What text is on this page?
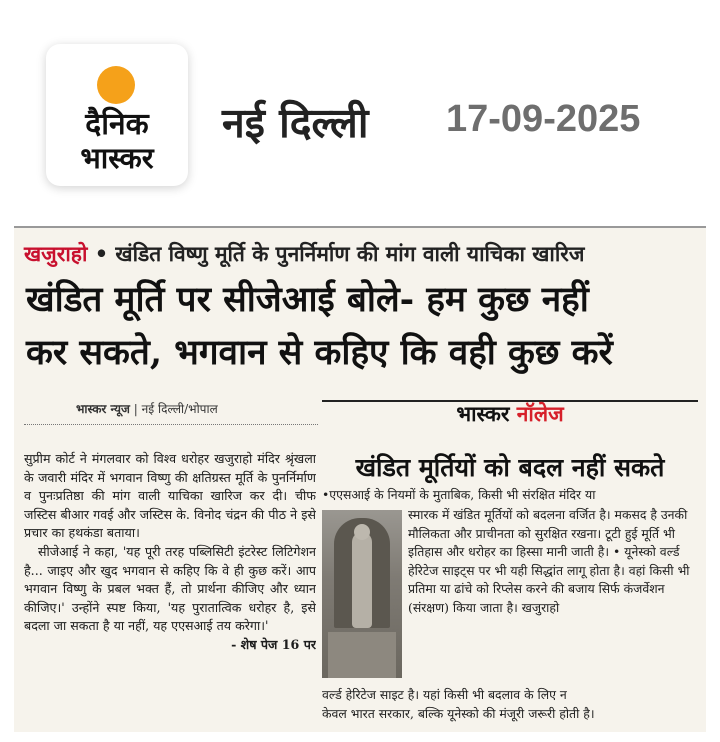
दैनिक
भास्कर
नई दिल्ली 17-09-2025
खजुराहो • खंडित विष्णु मूर्ति के पुनर्निर्माण की मांग वाली याचिका खारिज
खंडित मूर्ति पर सीजेआई बोले- हम कुछ नहीं
कर सकते, भगवान से कहिए कि वही कुछ करें
भास्कर न्यूज | नई दिल्ली/भोपाल

सुप्रीम कोर्ट ने मंगलवार को विश्व धरोहर खजुराहो मंदिर श्रृंखला के जवारी मंदिर में भगवान विष्णु की क्षतिग्रस्त मूर्ति के पुनर्निर्माण व पुनःप्रतिष्ठा की मांग वाली याचिका खारिज कर दी। चीफ जस्टिस बीआर गवई और जस्टिस के. विनोद चंद्रन की पीठ ने इसे प्रचार का हथकंडा बताया।

सीजेआई ने कहा, 'यह पूरी तरह पब्लिसिटी इंटरेस्ट लिटिगेशन है... जाइए और खुद भगवान से कहिए कि वे ही कुछ करें। आप भगवान विष्णु के प्रबल भक्त हैं, तो प्रार्थना कीजिए और ध्यान कीजिए।' उन्होंने स्पष्ट किया, 'यह पुरातात्विक धरोहर है, इसे बदला जा सकता है या नहीं, यह एएसआई तय करेगा।'
- शेष पेज 16 पर

भास्कर नॉलेज
खंडित मूर्तियों को बदल नहीं सकते
•एएसआई के नियमों के मुताबिक, किसी भी संरक्षित मंदिर या
स्मारक में खंडित मूर्तियों को बदलना वर्जित है। मकसद है उनकी मौलिकता और प्राचीनता को सुरक्षित रखना। टूटी हुई मूर्ति भी इतिहास और धरोहर का हिस्सा मानी जाती है। • यूनेस्को वर्ल्ड हेरिटेज साइट्स पर भी यही सिद्धांत लागू होता है। वहां किसी भी प्रतिमा या ढांचे को रिप्लेस करने की बजाय सिर्फ कंजर्वेशन (संरक्षण) किया जाता है। खजुराहो
वर्ल्ड हेरिटेज साइट है। यहां किसी भी बदलाव के लिए न
केवल भारत सरकार, बल्कि यूनेस्को की मंजूरी जरूरी होती है।
